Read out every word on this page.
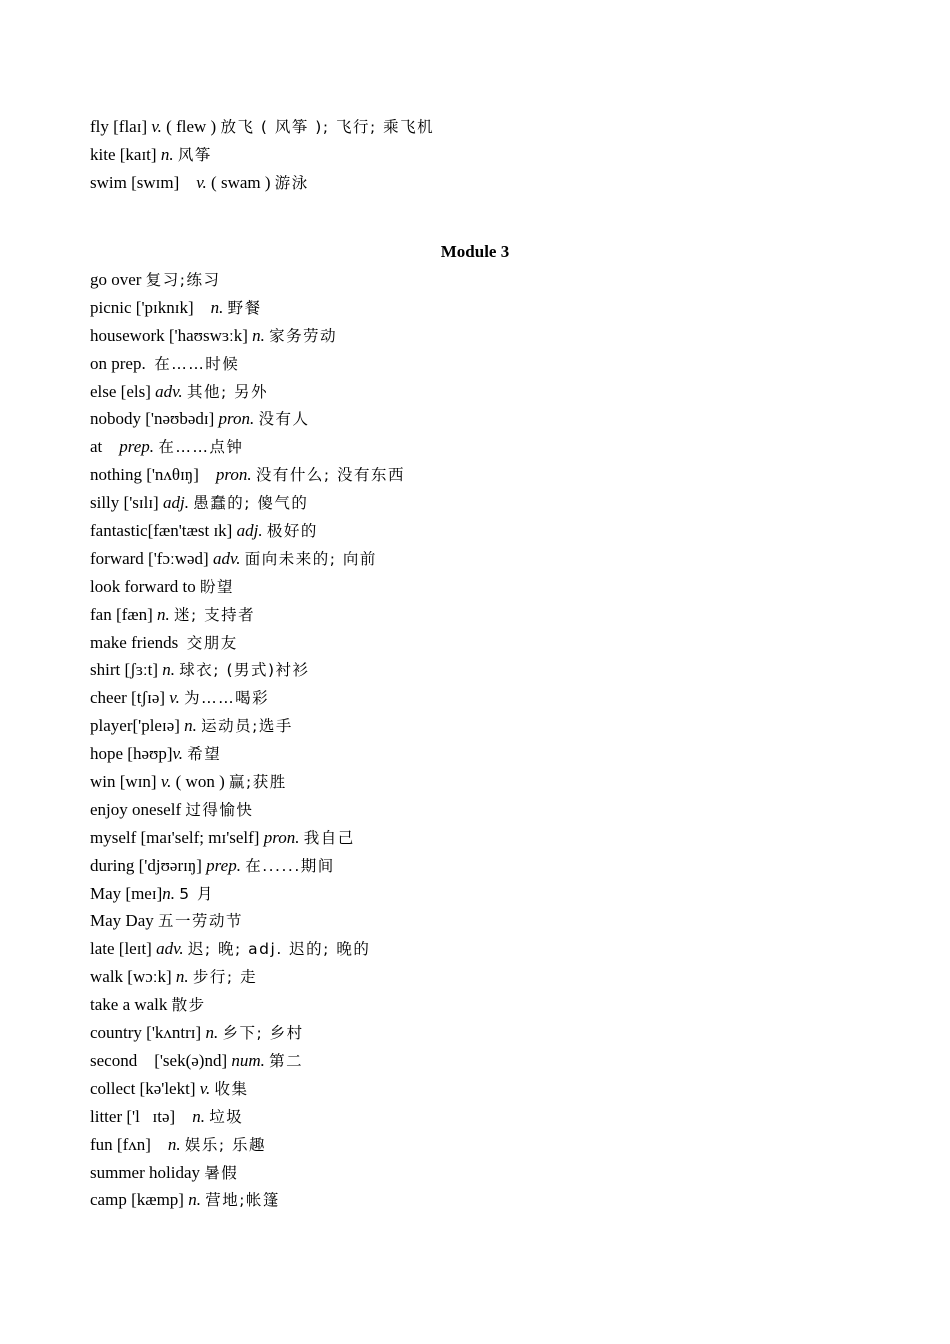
fly [flaɪ] v. ( flew ) 放飞 ( 风筝 ); 飞行; 乘飞机
kite [kaɪt] n. 风筝
swim [swɪm]    v. ( swam ) 游泳
Module 3
go over 复习;练习
picnic ['pɪknɪk]    n. 野餐
housework ['haʊswɜːk] n. 家务劳动
on prep.  在……时候
else [els] adv. 其他; 另外
nobody ['nəʊbədɪ] pron. 没有人
at    prep. 在……点钟
nothing ['nʌθɪŋ]    pron. 没有什么; 没有东西
silly ['sɪlɪ] adj. 愚蠢的; 傻气的
fantastic[fæn'tæst ɪk] adj. 极好的
forward ['fɔːwəd] adv. 面向未来的; 向前
look forward to 盼望
fan [fæn] n. 迷; 支持者
make friends  交朋友
shirt [ʃɜːt] n. 球衣; (男式)衬衫
cheer [tʃɪə] v. 为……喝彩
player['pleɪə] n. 运动员;选手
hope [həʊp]v. 希望
win [wɪn] v. ( won ) 赢;获胜
enjoy oneself 过得愉快
myself [maɪ'self; mɪ'self] pron. 我自己
during ['djʊərɪŋ] prep. 在......期间
May [meɪ]n. 5 月
May Day 五一劳动节
late [leɪt] adv. 迟; 晚; adj. 迟的; 晚的
walk [wɔːk] n. 步行; 走
take a walk 散步
country ['kʌntrɪ] n. 乡下; 乡村
second    ['sek(ə)nd] num. 第二
collect [kə'lekt] v. 收集
litter ['l   ɪtə]    n. 垃圾
fun [fʌn]    n. 娱乐; 乐趣
summer holiday 暑假
camp [kæmp] n. 营地;帐篷
